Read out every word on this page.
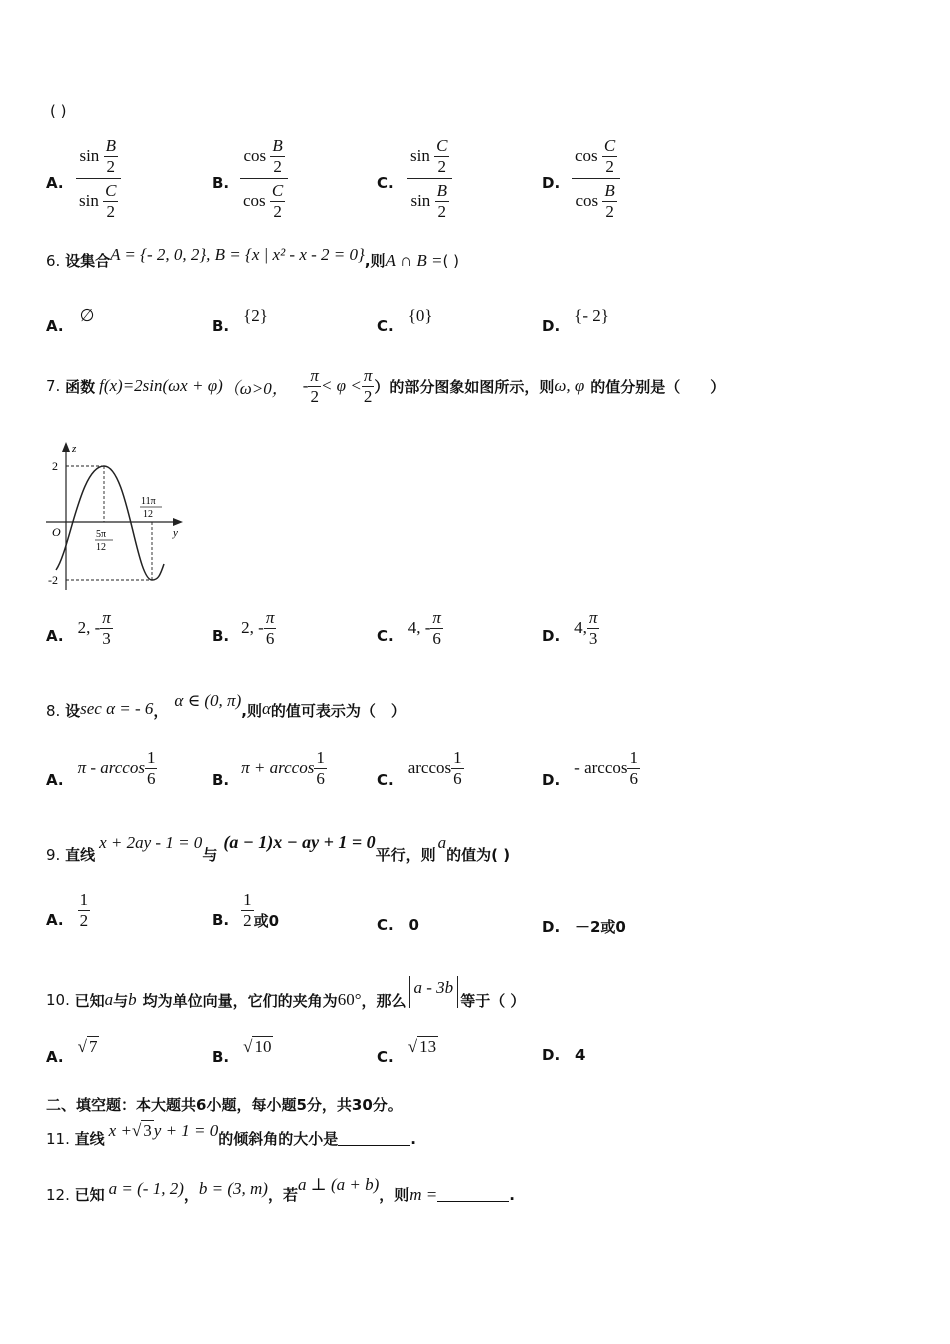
( )
A.
sin
$\frac{B}{2}$
sin
$\frac{C}{2}$	B.
cos
$\frac{B}{2}$
cos
$\frac{C}{2}$	C.
sin
$\frac{C}{2}$
sin
$\frac{B}{2}$	D.
cos
$\frac{C}{2}$
cos
$\frac{B}{2}$
6. 设集合A = {- 2, 0, 2}, B = {x | x² - x - 2 = 0},则A ∩ B =( )
A.∅
B.{2}
C.{0}
D.{- 2}
7.
函数 f(x)=2sin(ωx + φ) （ω>0， - $\frac{\pi}{2} < \varphi < \frac{\pi}{2}$ ）的部分图象如图所示，则 ω, φ 的值分别是（　　）
z
y
O
2
-2
5π
12
11π
12
A. 2, - $\frac{\pi}{3}$	B. 2, - $\frac{\pi}{6}$	C. 4, - $\frac{\pi}{6}$	D. 4, $\frac{\pi}{3}$
8.
设 sec α = - 6 ，
α ∈ (0, π)
,则 α 的值可表示为（　）
A.
π - $\arccos \frac{1}{6}$	B.
$\pi + \arccos \frac{1}{6}$	C.
$\arccos \frac{1}{6}$	D.
- $\arccos \frac{1}{6}$
9.
直线
x + 2ay - 1 = 0
与
(a − 1)x − ay + 1 = 0
平行，则
a
的值为( )
A. $\frac{1}{2}$	B. $\frac{1}{2}$ 或0	C. 0	D. －2或0
10.
已知 a 与 b 均为单位向量，它们的夹角为 60° ，那么
a - 3b
等于（ ）
A.
√ 7
B.
√ 10
C.
√ 13	D. 4
二、填空题：本大题共6小题，每小题5分，共30分。
11.
直线 x + √ 3 y + 1 = 0 的倾斜角的大小是	.
12.
已知 a = (- 1, 2) ， b = (3, m) ，若
a ⊥ (a + b)
，则 m =	.
